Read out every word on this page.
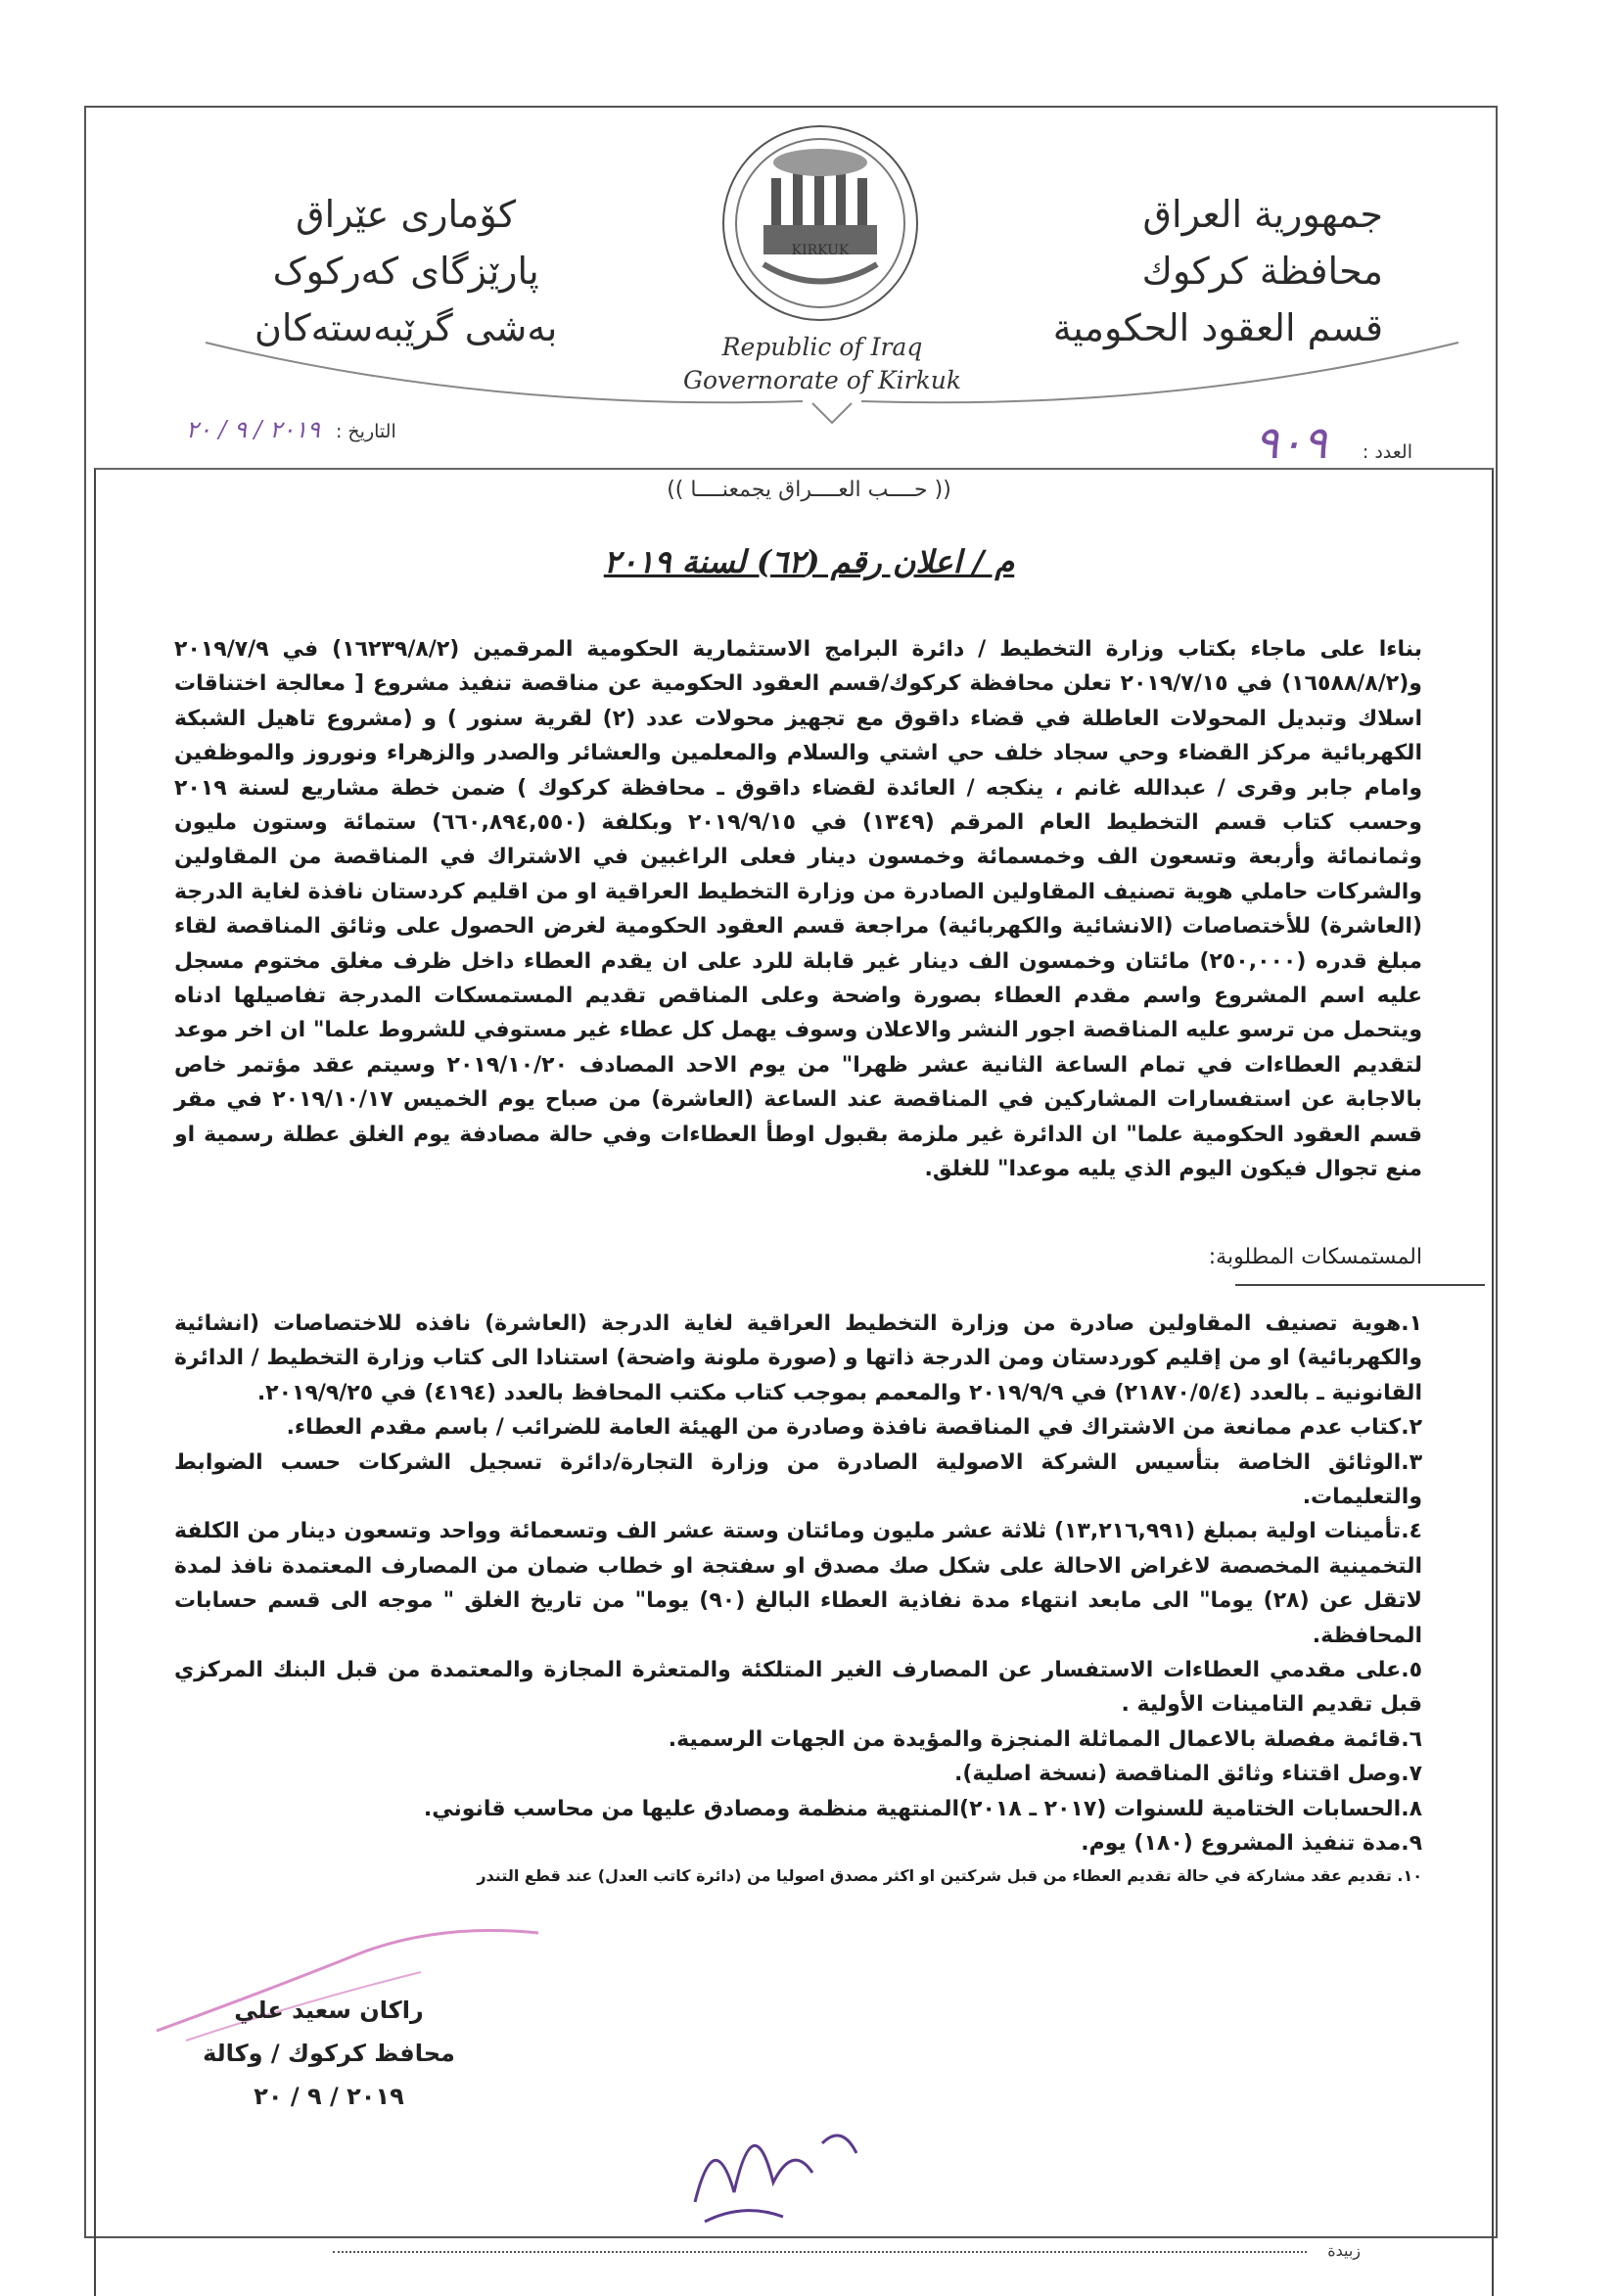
جمهورية العراق
محافظة كركوك
قسم العقود الحكومية
كۆماری عێراق
پارێزگای کەرکوک
بەشی گرێبەستەکان
KIRKUK
Republic of Iraq
Governorate of Kirkuk
العدد : ٩٠٩
التاريخ : ٢٠١٩ / ٩ / ٢٠
(( حــــب العــــراق يجمعنــــا ))
م / اعلان رقم (٦٢) لسنة ٢٠١٩
بناءا على ماجاء بكتاب وزارة التخطيط / دائرة البرامج الاستثمارية الحكومية المرقمين (١٦٢٣٩/٨/٢) في ٢٠١٩/٧/٩ و(١٦٥٨٨/٨/٢) في ٢٠١٩/٧/١٥ تعلن محافظة كركوك/قسم العقود الحكومية عن مناقصة تنفيذ مشروع [ معالجة اختناقات اسلاك وتبديل المحولات العاطلة في قضاء داقوق مع تجهيز محولات عدد (٢) لقرية سنور ) و (مشروع تاهيل الشبكة الكهربائية مركز القضاء وحي سجاد خلف حي اشتي والسلام والمعلمين والعشائر والصدر والزهراء ونوروز والموظفين وامام جابر وقرى / عبدالله غانم ، ينكجه / العائدة لقضاء داقوق ـ محافظة كركوك ) ضمن خطة مشاريع لسنة ٢٠١٩ وحسب كتاب قسم التخطيط العام المرقم (١٣٤٩) في ٢٠١٩/٩/١٥ وبكلفة (٦٦٠,٨٩٤,٥٥٠) ستمائة وستون مليون وثمانمائة وأربعة وتسعون الف وخمسمائة وخمسون دينار فعلى الراغبين في الاشتراك في المناقصة من المقاولين والشركات حاملي هوية تصنيف المقاولين الصادرة من وزارة التخطيط العراقية او من اقليم كردستان نافذة لغاية الدرجة (العاشرة) للأختصاصات (الانشائية والكهربائية) مراجعة قسم العقود الحكومية لغرض الحصول على وثائق المناقصة لقاء مبلغ قدره (٢٥٠,٠٠٠) مائتان وخمسون الف دينار غير قابلة للرد على ان يقدم العطاء داخل ظرف مغلق مختوم مسجل عليه اسم المشروع واسم مقدم العطاء بصورة واضحة وعلى المناقص تقديم المستمسكات المدرجة تفاصيلها ادناه ويتحمل من ترسو عليه المناقصة اجور النشر والاعلان وسوف يهمل كل عطاء غير مستوفي للشروط علما" ان اخر موعد لتقديم العطاءات في تمام الساعة الثانية عشر ظهرا" من يوم الاحد المصادف ٢٠١٩/١٠/٢٠ وسيتم عقد مؤتمر خاص بالاجابة عن استفسارات المشاركين في المناقصة عند الساعة (العاشرة) من صباح يوم الخميس ٢٠١٩/١٠/١٧ في مقر قسم العقود الحكومية علما" ان الدائرة غير ملزمة بقبول اوطأ العطاءات وفي حالة مصادفة يوم الغلق عطلة رسمية او منع تجوال فيكون اليوم الذي يليه موعدا" للغلق.
المستمسكات المطلوبة:

١.هوية تصنيف المقاولين صادرة من وزارة التخطيط العراقية لغاية الدرجة (العاشرة) نافذه للاختصاصات (انشائية والكهربائية) او من إقليم كوردستان ومن الدرجة ذاتها و (صورة ملونة واضحة) استنادا الى كتاب وزارة التخطيط / الدائرة القانونية ـ بالعدد (٢١٨٧٠/٥/٤) في ٢٠١٩/٩/٩ والمعمم بموجب كتاب مكتب المحافظ بالعدد (٤١٩٤) في ٢٠١٩/٩/٢٥.

٢.كتاب عدم ممانعة من الاشتراك في المناقصة نافذة وصادرة من الهيئة العامة للضرائب / باسم مقدم العطاء.

٣.الوثائق الخاصة بتأسيس الشركة الاصولية الصادرة من وزارة التجارة/دائرة تسجيل الشركات حسب الضوابط والتعليمات.

٤.تأمينات اولية بمبلغ (١٣,٢١٦,٩٩١) ثلاثة عشر مليون ومائتان وستة عشر الف وتسعمائة وواحد وتسعون دينار من الكلفة التخمينية المخصصة لاغراض الاحالة على شكل صك مصدق او سفتجة او خطاب ضمان من المصارف المعتمدة نافذ لمدة لاتقل عن (٢٨) يوما" الى مابعد انتهاء مدة نفاذية العطاء البالغ (٩٠) يوما" من تاريخ الغلق " موجه الى قسم حسابات المحافظة.

٥.على مقدمي العطاءات الاستفسار عن المصارف الغير المتلكئة والمتعثرة المجازة والمعتمدة من قبل البنك المركزي قبل تقديم التامينات الأولية .

٦.قائمة مفصلة بالاعمال المماثلة المنجزة والمؤيدة من الجهات الرسمية.

٧.وصل اقتناء وثائق المناقصة (نسخة اصلية).

٨.الحسابات الختامية للسنوات (٢٠١٧ ـ ٢٠١٨)المنتهية منظمة ومصادق عليها من محاسب قانوني.

٩.مدة تنفيذ المشروع (١٨٠) يوم.

١٠. تقديم عقد مشاركة في حالة تقديم العطاء من قبل شركتين او اكثر مصدق اصوليا من (دائرة كاتب العدل) عند قطع التندر

راكان سعيد علي
محافظ كركوك / وكالة
٢٠١٩ / ٩ / ٢٠
زبيدة
